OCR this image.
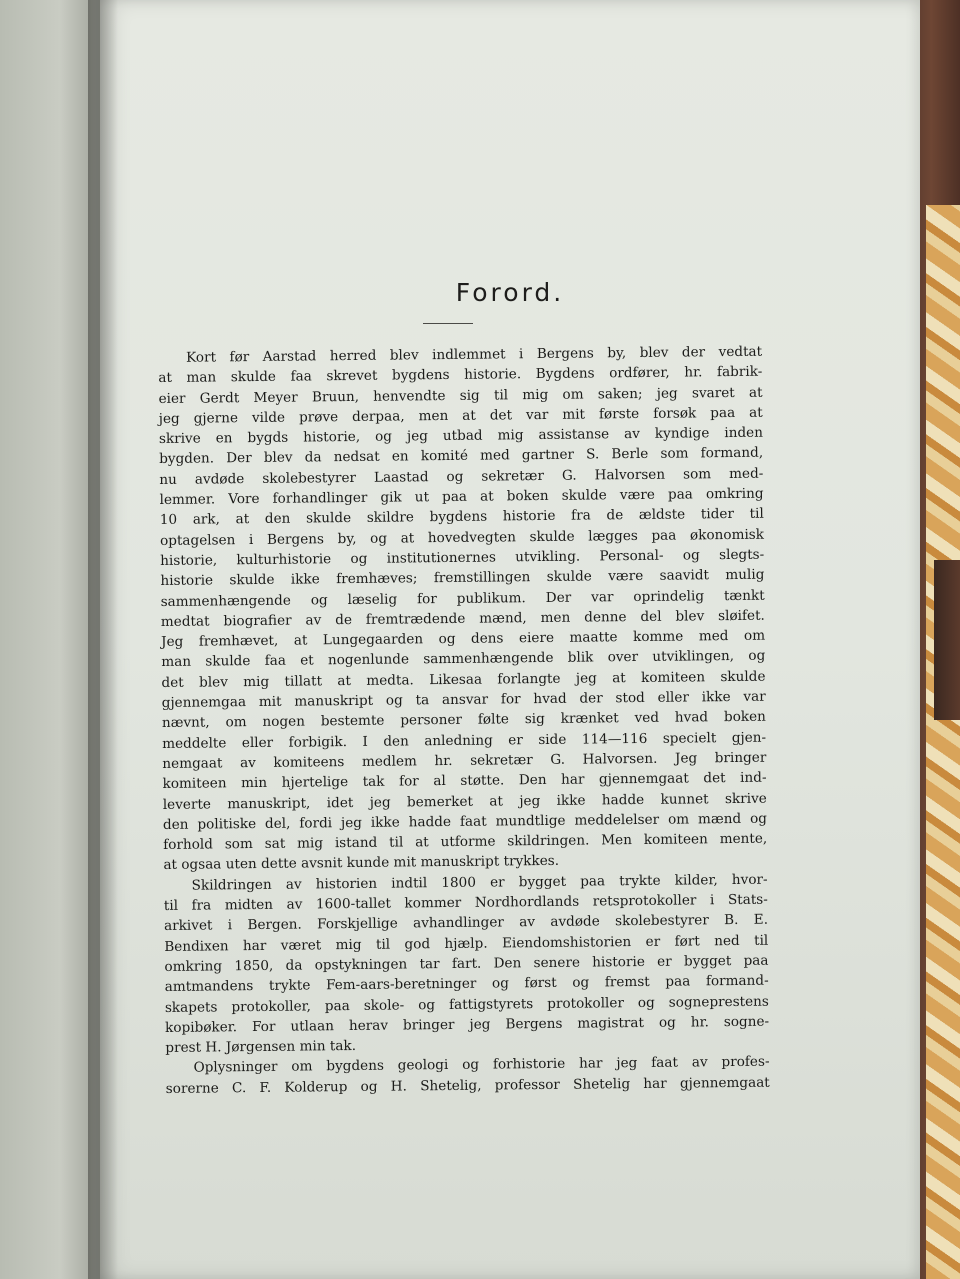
Forord.
Kort før Aarstad herred blev indlemmet i Bergens by, blev der vedtat
at man skulde faa skrevet bygdens historie. Bygdens ordfører, hr. fabrik-
eier Gerdt Meyer Bruun, henvendte sig til mig om saken; jeg svaret at
jeg gjerne vilde prøve derpaa, men at det var mit første forsøk paa at
skrive en bygds historie, og jeg utbad mig assistanse av kyndige inden
bygden. Der blev da nedsat en komité med gartner S. Berle som formand,
nu avdøde skolebestyrer Laastad og sekretær G. Halvorsen som med-
lemmer. Vore forhandlinger gik ut paa at boken skulde være paa omkring
10 ark, at den skulde skildre bygdens historie fra de ældste tider til
optagelsen i Bergens by, og at hovedvegten skulde lægges paa økonomisk
historie, kulturhistorie og institutionernes utvikling. Personal- og slegts-
historie skulde ikke fremhæves; fremstillingen skulde være saavidt mulig
sammenhængende og læselig for publikum. Der var oprindelig tænkt
medtat biografier av de fremtrædende mænd, men denne del blev sløifet.
Jeg fremhævet, at Lungegaarden og dens eiere maatte komme med om
man skulde faa et nogenlunde sammenhængende blik over utviklingen, og
det blev mig tillatt at medta. Likesaa forlangte jeg at komiteen skulde
gjennemgaa mit manuskript og ta ansvar for hvad der stod eller ikke var
nævnt, om nogen bestemte personer følte sig krænket ved hvad boken
meddelte eller forbigik. I den anledning er side 114—116 specielt gjen-
nemgaat av komiteens medlem hr. sekretær G. Halvorsen. Jeg bringer
komiteen min hjertelige tak for al støtte. Den har gjennemgaat det ind-
leverte manuskript, idet jeg bemerket at jeg ikke hadde kunnet skrive
den politiske del, fordi jeg ikke hadde faat mundtlige meddelelser om mænd og
forhold som sat mig istand til at utforme skildringen. Men komiteen mente,
at ogsaa uten dette avsnit kunde mit manuskript trykkes.
Skildringen av historien indtil 1800 er bygget paa trykte kilder, hvor-
til fra midten av 1600-tallet kommer Nordhordlands retsprotokoller i Stats-
arkivet i Bergen. Forskjellige avhandlinger av avdøde skolebestyrer B. E.
Bendixen har været mig til god hjælp. Eiendomshistorien er ført ned til
omkring 1850, da opstykningen tar fart. Den senere historie er bygget paa
amtmandens trykte Fem-aars-beretninger og først og fremst paa formand-
skapets protokoller, paa skole- og fattigstyrets protokoller og sogneprestens
kopibøker. For utlaan herav bringer jeg Bergens magistrat og hr. sogne-
prest H. Jørgensen min tak.
Oplysninger om bygdens geologi og forhistorie har jeg faat av profes-
sorerne C. F. Kolderup og H. Shetelig, professor Shetelig har gjennemgaat
